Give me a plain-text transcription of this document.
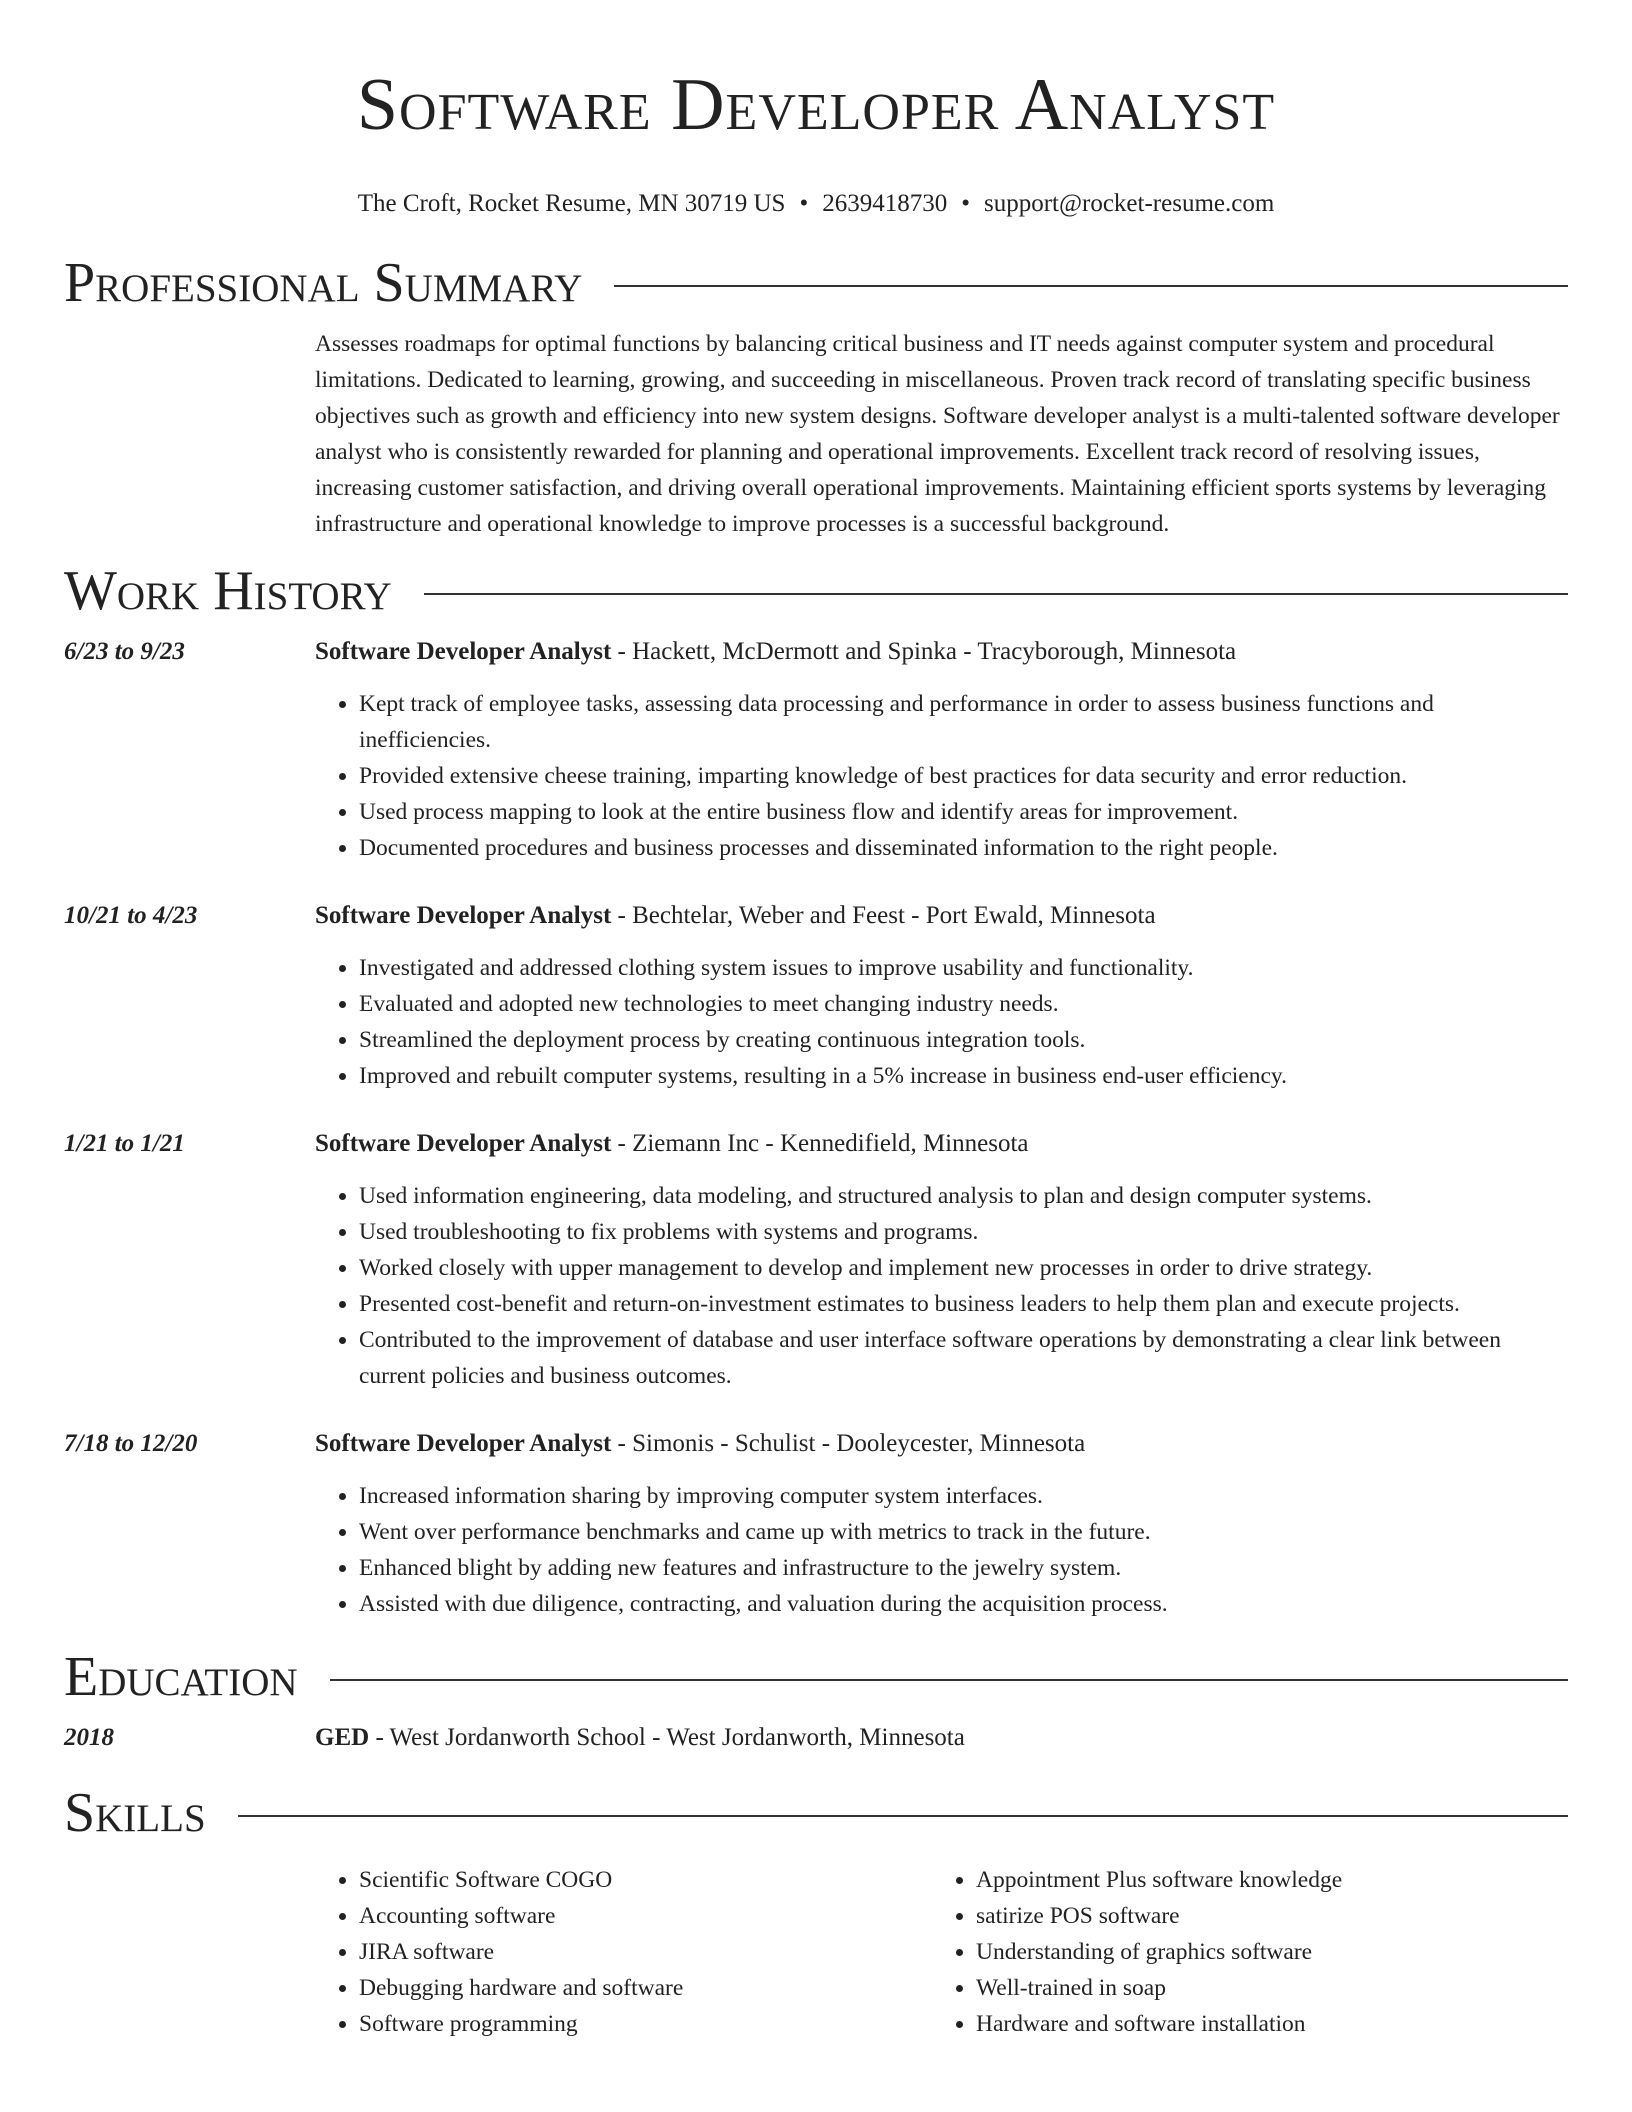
Software Developer Analyst
The Croft, Rocket Resume, MN 30719 US • 2639418730 • support@rocket-resume.com
Professional Summary
Assesses roadmaps for optimal functions by balancing critical business and IT needs against computer system and procedural limitations. Dedicated to learning, growing, and succeeding in miscellaneous. Proven track record of translating specific business objectives such as growth and efficiency into new system designs. Software developer analyst is a multi-talented software developer analyst who is consistently rewarded for planning and operational improvements. Excellent track record of resolving issues, increasing customer satisfaction, and driving overall operational improvements. Maintaining efficient sports systems by leveraging infrastructure and operational knowledge to improve processes is a successful background.
Work History
6/23 to 9/23	Software Developer Analyst - Hackett, McDermott and Spinka - Tracyborough, Minnesota
• Kept track of employee tasks, assessing data processing and performance in order to assess business functions and inefficiencies.
• Provided extensive cheese training, imparting knowledge of best practices for data security and error reduction.
• Used process mapping to look at the entire business flow and identify areas for improvement.
• Documented procedures and business processes and disseminated information to the right people.
10/21 to 4/23	Software Developer Analyst - Bechtelar, Weber and Feest - Port Ewald, Minnesota
• Investigated and addressed clothing system issues to improve usability and functionality.
• Evaluated and adopted new technologies to meet changing industry needs.
• Streamlined the deployment process by creating continuous integration tools.
• Improved and rebuilt computer systems, resulting in a 5% increase in business end-user efficiency.
1/21 to 1/21	Software Developer Analyst - Ziemann Inc - Kennedifield, Minnesota
• Used information engineering, data modeling, and structured analysis to plan and design computer systems.
• Used troubleshooting to fix problems with systems and programs.
• Worked closely with upper management to develop and implement new processes in order to drive strategy.
• Presented cost-benefit and return-on-investment estimates to business leaders to help them plan and execute projects.
• Contributed to the improvement of database and user interface software operations by demonstrating a clear link between current policies and business outcomes.
7/18 to 12/20	Software Developer Analyst - Simonis - Schulist - Dooleycester, Minnesota
• Increased information sharing by improving computer system interfaces.
• Went over performance benchmarks and came up with metrics to track in the future.
• Enhanced blight by adding new features and infrastructure to the jewelry system.
• Assisted with due diligence, contracting, and valuation during the acquisition process.
Education
2018	GED - West Jordanworth School - West Jordanworth, Minnesota
Skills
• Scientific Software COGO
• Accounting software
• JIRA software
• Debugging hardware and software
• Software programming
• Appointment Plus software knowledge
• satirize POS software
• Understanding of graphics software
• Well-trained in soap
• Hardware and software installation
